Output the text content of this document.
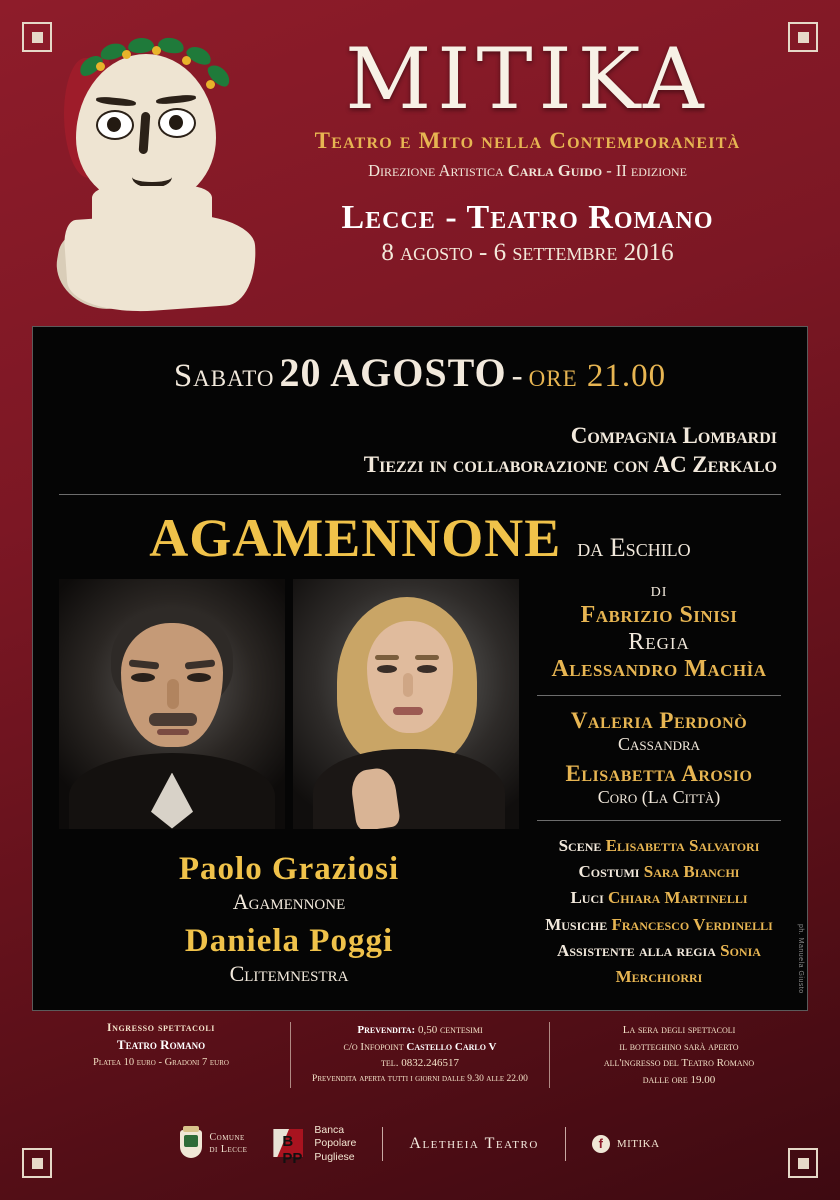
MITIKA
Teatro e Mito nella Contemporaneità
Direzione Artistica Carla Guido - II edizione
Lecce - Teatro Romano
8 agosto - 6 settembre 2016
Sabato 20 AGOSTO - ore 21.00
Compagnia Lombardi
Tiezzi in collaborazione con AC Zerkalo
AGAMENNONE da Eschilo
Paolo Graziosi
Agamennone
Daniela Poggi
Clitemnestra
di
Fabrizio Sinisi
Regia
Alessandro Machìa
Valeria Perdonò
Cassandra
Elisabetta Arosio
Coro (La Città)
Scene Elisabetta Salvatori
Costumi Sara Bianchi
Luci Chiara Martinelli
Musiche Francesco Verdinelli
Assistente alla regia Sonia Merchiorri	ph. Manuela Giusto
Ingresso spettacoli
Teatro Romano
Platea 10 euro - Gradoni 7 euro
Prevendita: 0,50 centesimi
c/o Infopoint Castello Carlo V
tel. 0832.246517
Prevendita aperta tutti i giorni dalle 9.30 alle 22.00
La sera degli spettacoli
il botteghino sarà aperto
all'ingresso del Teatro Romano
dalle ore 19.00
Comune
di Lecce B PP
Banca
Popolare
Pugliese
Aletheia Teatro	f	MITIKA
